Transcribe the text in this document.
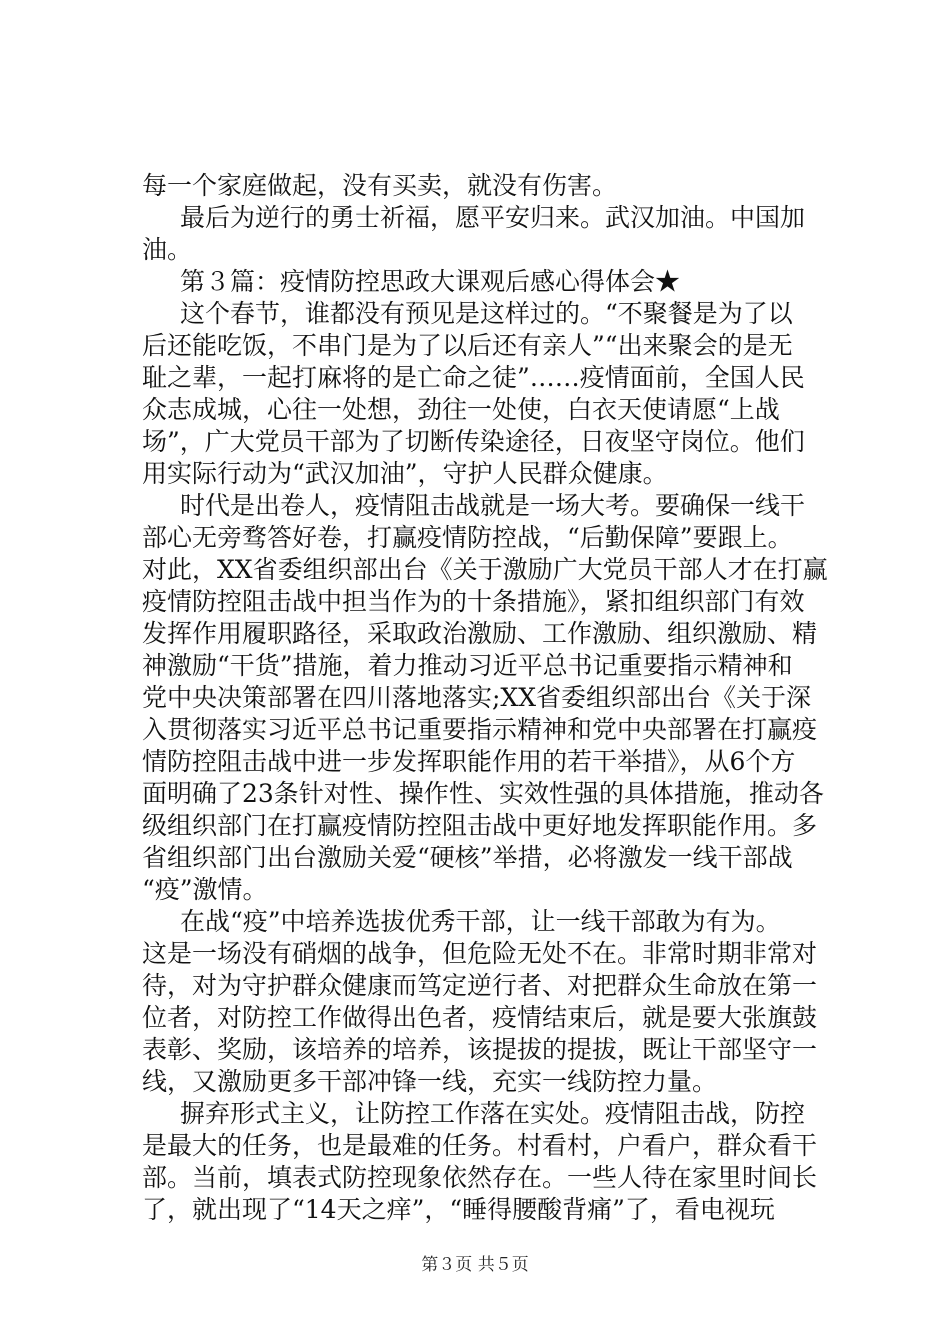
每一个家庭做起，没有买卖，就没有伤害。
最后为逆行的勇士祈福，愿平安归来。武汉加油。中国加
油。
第３篇：疫情防控思政大课观后感心得体会★
这个春节，谁都没有预见是这样过的。“不聚餐是为了以
后还能吃饭，不串门是为了以后还有亲人”“出来聚会的是无
耻之辈，一起打麻将的是亡命之徒”……疫情面前，全国人民
众志成城，心往一处想，劲往一处使，白衣天使请愿“上战
场”，广大党员干部为了切断传染途径，日夜坚守岗位。他们
用实际行动为“武汉加油”，守护人民群众健康。
时代是出卷人，疫情阻击战就是一场大考。要确保一线干
部心无旁骛答好卷，打赢疫情防控战，“后勤保障”要跟上。
对此，XX省委组织部出台《关于激励广大党员干部人才在打赢
疫情防控阻击战中担当作为的十条措施》，紧扣组织部门有效
发挥作用履职路径，采取政治激励、工作激励、组织激励、精
神激励“干货”措施，着力推动习近平总书记重要指示精神和
党中央决策部署在四川落地落实;XX省委组织部出台《关于深
入贯彻落实习近平总书记重要指示精神和党中央部署在打赢疫
情防控阻击战中进一步发挥职能作用的若干举措》，从6个方
面明确了23条针对性、操作性、实效性强的具体措施，推动各
级组织部门在打赢疫情防控阻击战中更好地发挥职能作用。多
省组织部门出台激励关爱“硬核”举措，必将激发一线干部战
“疫”激情。
在战“疫”中培养选拔优秀干部，让一线干部敢为有为。
这是一场没有硝烟的战争，但危险无处不在。非常时期非常对
待，对为守护群众健康而笃定逆行者、对把群众生命放在第一
位者，对防控工作做得出色者，疫情结束后，就是要大张旗鼓
表彰、奖励，该培养的培养，该提拔的提拔，既让干部坚守一
线，又激励更多干部冲锋一线，充实一线防控力量。
摒弃形式主义，让防控工作落在实处。疫情阻击战，防控
是最大的任务，也是最难的任务。村看村，户看户，群众看干
部。当前，填表式防控现象依然存在。一些人待在家里时间长
了，就出现了“14天之痒”，“睡得腰酸背痛”了，看电视玩
第３页 共５页
